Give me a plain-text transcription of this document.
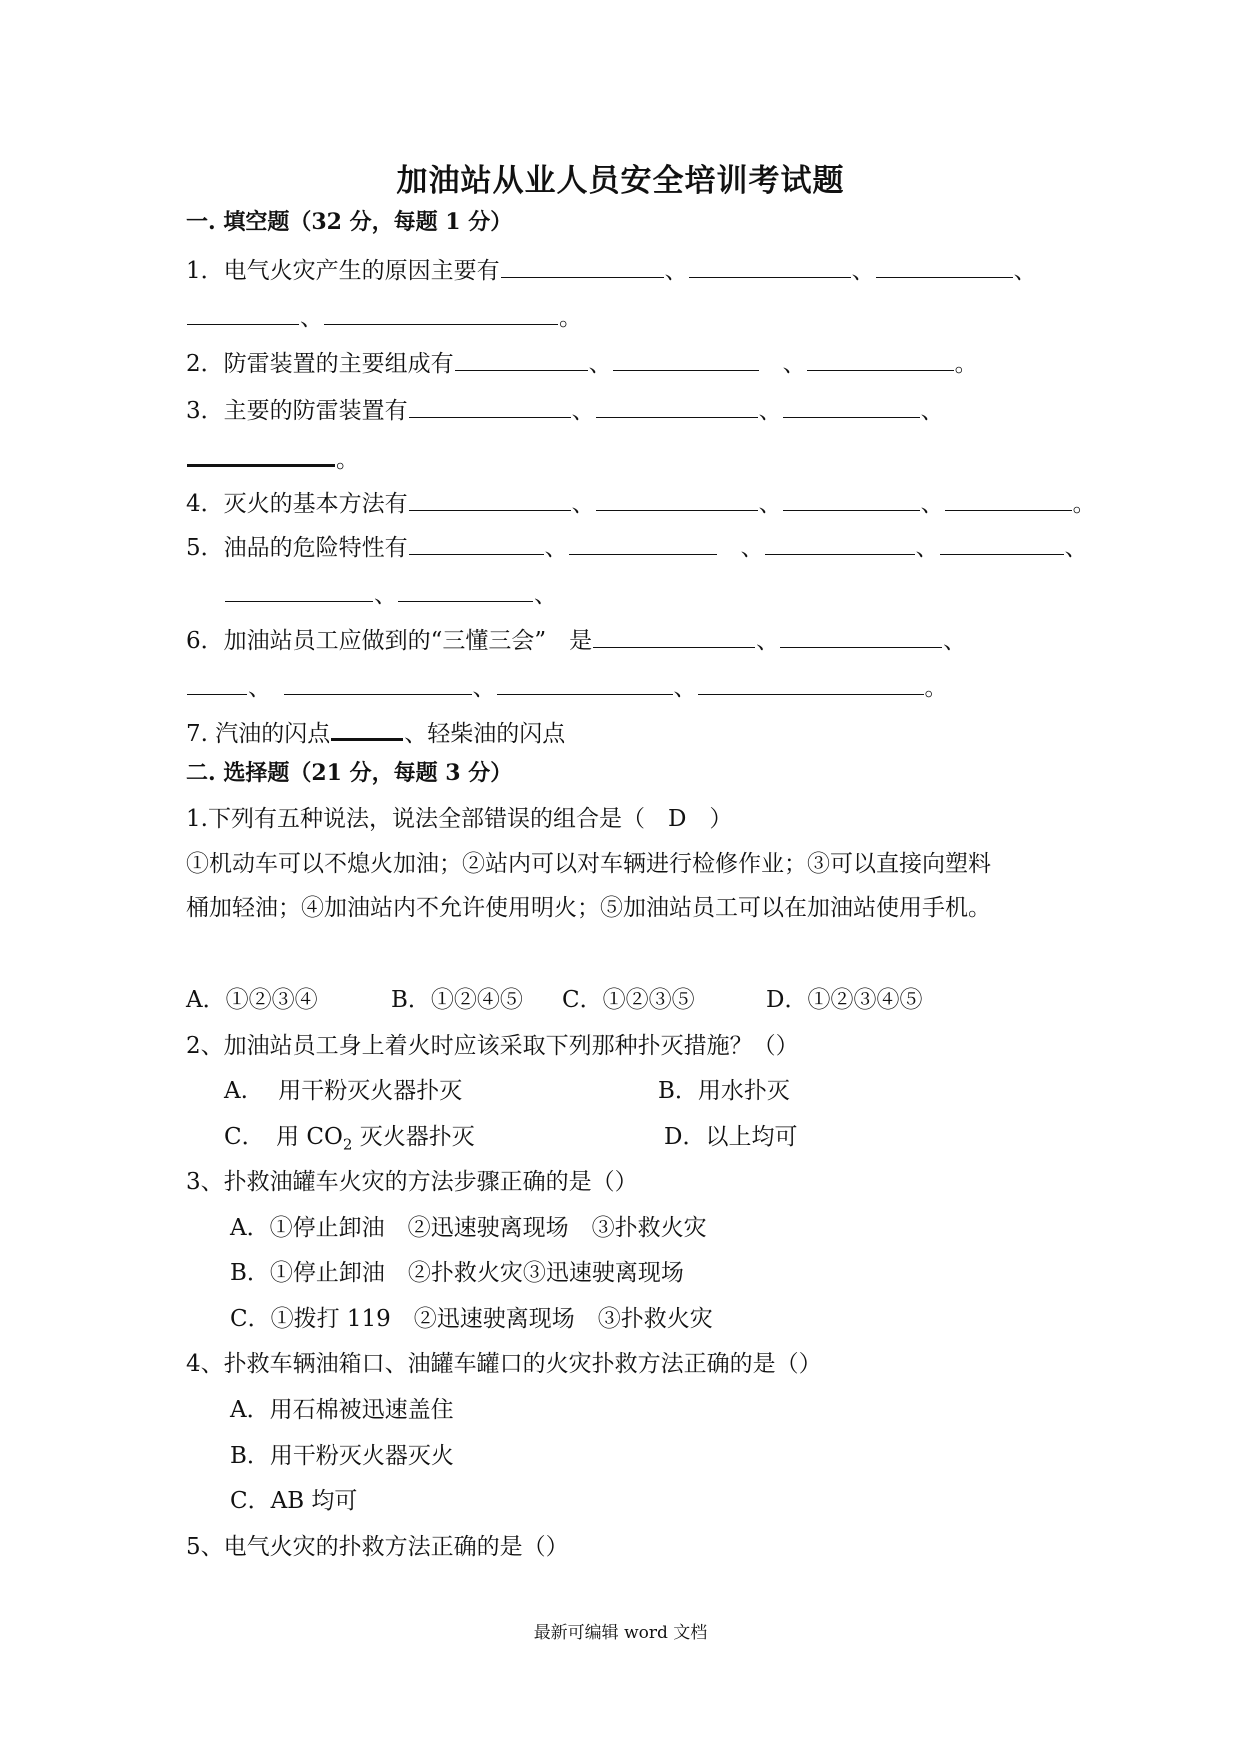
加油站从业人员安全培训考试题
一. 填空题（32 分，每题 1 分）
1．电气火灾产生的原因主要有	、	、	、
、	。
2．防雷装置的主要组成有	、　	、	。
3．主要的防雷装置有	、	、	、
。
4．灭火的基本方法有	、	、	、	。
5．油品的危险特性有	、　	、	、	、
、	、
6．加油站员工应做到的“三懂三会”　是	、	、
、　	、	、	。
7. 汽油的闪点	、轻柴油的闪点
二. 选择题（21 分，每题 3 分）
1.下列有五种说法，说法全部错误的组合是（　D　）
①机动车可以不熄火加油；②站内可以对车辆进行检修作业；③可以直接向塑料
桶加轻油；④加油站内不允许使用明火；⑤加油站员工可以在加油站使用手机。
A．①②③④	B．①②④⑤ C．①②③⑤	D．①②③④⑤
2、加油站员工身上着火时应该采取下列那种扑灭措施？（）
A.　 用干粉灭火器扑灭	B．用水扑灭
C．　用 $CO_2$ 灭火器扑灭	D．以上均可
3、扑救油罐车火灾的方法步骤正确的是（）
A．①停止卸油　②迅速驶离现场　③扑救火灾
B．①停止卸油　②扑救火灾③迅速驶离现场
C．①拨打 119　②迅速驶离现场　③扑救火灾
4、扑救车辆油箱口、油罐车罐口的火灾扑救方法正确的是（）
A．用石棉被迅速盖住
B．用干粉灭火器灭火
C．AB 均可
5、电气火灾的扑救方法正确的是（）
最新可编辑 word 文档
